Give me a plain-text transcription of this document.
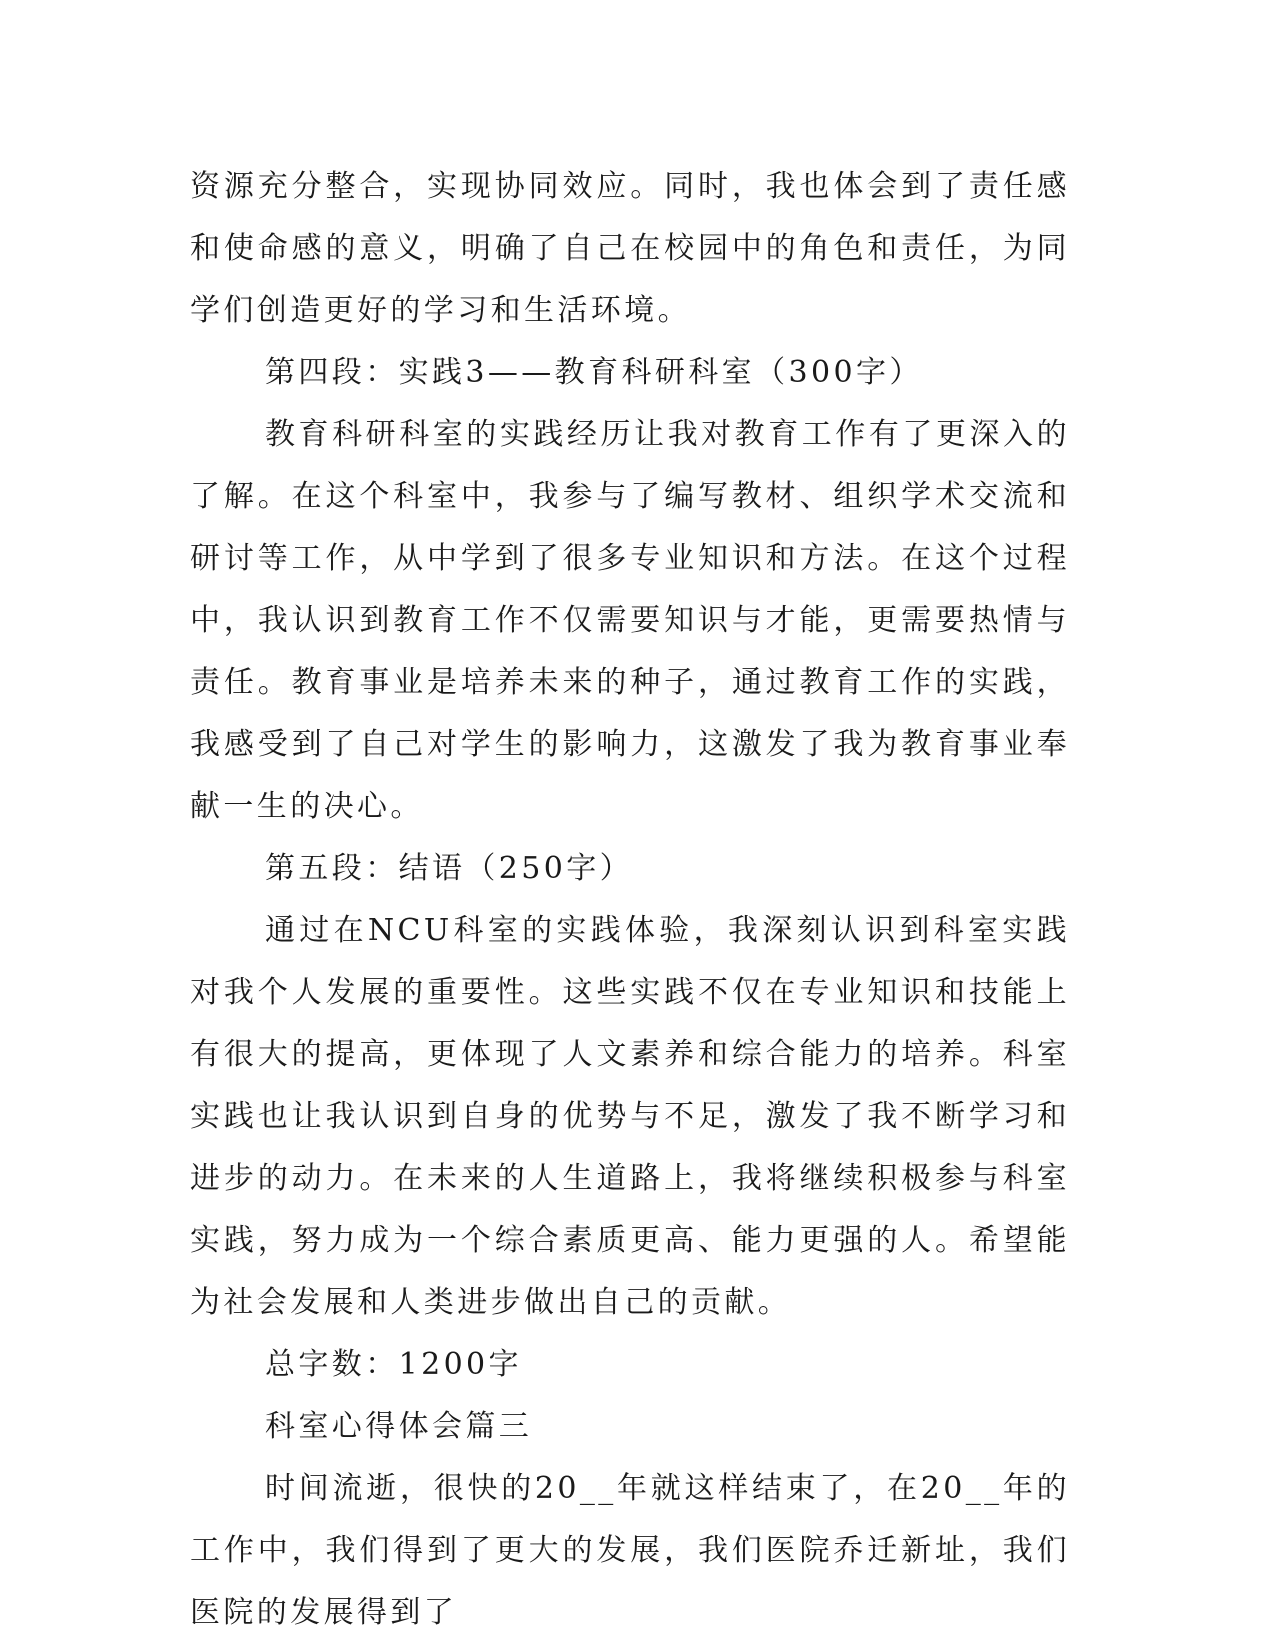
资源充分整合，实现协同效应。同时，我也体会到了责任感和使命感的意义，明确了自己在校园中的角色和责任，为同学们创造更好的学习和生活环境。

第四段：实践3——教育科研科室（300字）

教育科研科室的实践经历让我对教育工作有了更深入的了解。在这个科室中，我参与了编写教材、组织学术交流和研讨等工作，从中学到了很多专业知识和方法。在这个过程中，我认识到教育工作不仅需要知识与才能，更需要热情与责任。教育事业是培养未来的种子，通过教育工作的实践，我感受到了自己对学生的影响力，这激发了我为教育事业奉献一生的决心。

第五段：结语（250字）

通过在NCU科室的实践体验，我深刻认识到科室实践对我个人发展的重要性。这些实践不仅在专业知识和技能上有很大的提高，更体现了人文素养和综合能力的培养。科室实践也让我认识到自身的优势与不足，激发了我不断学习和进步的动力。在未来的人生道路上，我将继续积极参与科室实践，努力成为一个综合素质更高、能力更强的人。希望能为社会发展和人类进步做出自己的贡献。

总字数：1200字

科室心得体会篇三

时间流逝，很快的20__年就这样结束了，在20__年的工作中，我们得到了更大的发展，我们医院乔迁新址，我们医院的发展得到了
